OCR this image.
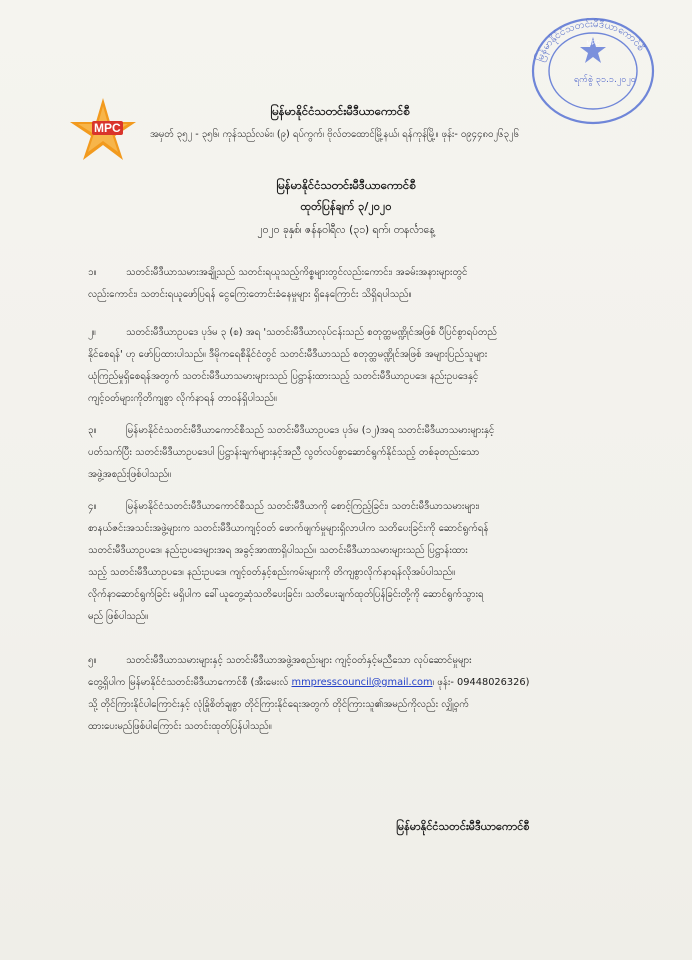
MPC
မြန်မာနိုင်ငံသတင်းမီဒီယာကောင်စီ
အမှတ် ၃၅၂ - ၃၅၆၊ ကုန်သည်လမ်း၊ (၉) ရပ်ကွက်၊ ဗိုလ်တထောင်မြို့နယ်၊ ရန်ကုန်မြို့။ ဖုန်း- ၀၉၄၄၈၀၂၆၃၂၆
မြန်မာနိုင်ငံသတင်းမီဒီယာကောင်စီ
MPC
ရက်စွဲ ၃၁.၁.၂၀၂၀
မြန်မာနိုင်ငံသတင်းမီဒီယာကောင်စီ
ထုတ်ပြန်ချက် ၃/၂၀၂၀
၂၀၂၀ ခုနှစ်၊ ဇန်နဝါရီလ (၃၁) ရက်၊ တနင်္လာနေ့
၁။	သတင်းမီဒီယာသမားအချို့သည် သတင်းရယူသည့်ကိစ္စများတွင်လည်းကောင်း၊ အခမ်းအနားများတွင်
လည်းကောင်း၊ သတင်းရယူဖော်ပြရန် ငွေကြေးတောင်းခံနေမှုများ ရှိနေကြောင်း သိရှိရပါသည်။
၂။	သတင်းမီဒီယာဥပဒေ ပုဒ်မ ၃ (စ) အရ 'သတင်းမီဒီယာလုပ်ငန်းသည် စတုတ္ထမဏ္ဍိုင်အဖြစ် ပီပြင်စွာရပ်တည်
နိုင်စေရန်' ဟု ဖော်ပြထားပါသည်။ ဒီမိုကရေစီနိုင်ငံတွင် သတင်းမီဒီယာသည် စတုတ္ထမဏ္ဍိုင်အဖြစ် အများပြည်သူများ
ယုံကြည်မှုရှိစေရန်အတွက် သတင်းမီဒီယာသမားများသည် ပြဋ္ဌာန်းထားသည့် သတင်းမီဒီယာဥပဒေ၊ နည်းဥပဒေနှင့်
ကျင့်ဝတ်များကိုတိကျစွာ လိုက်နာရန် တာဝန်ရှိပါသည်။
၃။	မြန်မာနိုင်ငံသတင်းမီဒီယာကောင်စီသည် သတင်းမီဒီယာဥပဒေ ပုဒ်မ (၁၂)အရ သတင်းမီဒီယာသမားများနှင့်
ပတ်သက်ပြီး သတင်းမီဒီယာဥပဒေပါ ပြဋ္ဌာန်းချက်များနှင့်အညီ လွတ်လပ်စွာဆောင်ရွက်နိုင်သည့် တစ်ခုတည်းသော
အဖွဲ့အစည်းဖြစ်ပါသည်။
၄။	မြန်မာနိုင်ငံသတင်းမီဒီယာကောင်စီသည် သတင်းမီဒီယာကို စောင့်ကြည့်ခြင်း၊ သတင်းမီဒီယာသမားများ၊
စာနယ်ဇင်းအသင်းအဖွဲ့များက သတင်းမီဒီယာကျင့်ဝတ် ဖောက်ဖျက်မှုများရှိလာပါက သတိပေးခြင်းကို ဆောင်ရွက်ရန်
သတင်းမီဒီယာဥပဒေ၊ နည်းဥပဒေများအရ အခွင့်အာဏာရှိပါသည်။ သတင်းမီဒီယာသမားများသည် ပြဋ္ဌာန်းထား
သည့် သတင်းမီဒီယာဥပဒေ၊ နည်းဥပဒေ၊ ကျင့်ဝတ်နှင့်စည်းကမ်းများကို တိကျစွာလိုက်နာရန်လိုအပ်ပါသည်။
လိုက်နာဆောင်ရွက်ခြင်း မရှိပါက ခေါ်ယူတွေ့ဆုံသတိပေးခြင်း၊ သတိပေးချက်ထုတ်ပြန်ခြင်းတို့ကို ဆောင်ရွက်သွားရ
မည် ဖြစ်ပါသည်။
၅။	သတင်းမီဒီယာသမားများနှင့် သတင်းမီဒီယာအဖွဲ့အစည်းများ ကျင့်ဝတ်နှင့်မညီသော လုပ်ဆောင်မှုများ
တွေ့ရှိပါက မြန်မာနိုင်ငံသတင်းမီဒီယာကောင်စီ (အီးမေးလ် mmpresscouncil@gmail.com၊ ဖုန်း- 09448026326)
သို့ တိုင်ကြားနိုင်ပါကြောင်းနှင့် လုံခြုံစိတ်ချစွာ တိုင်ကြားနိုင်ရေးအတွက် တိုင်ကြားသူ၏အမည်ကိုလည်း လျှို့ဝှက်
ထားပေးမည်ဖြစ်ပါကြောင်း သတင်းထုတ်ပြန်ပါသည်။
မြန်မာနိုင်ငံသတင်းမီဒီယာကောင်စီ
